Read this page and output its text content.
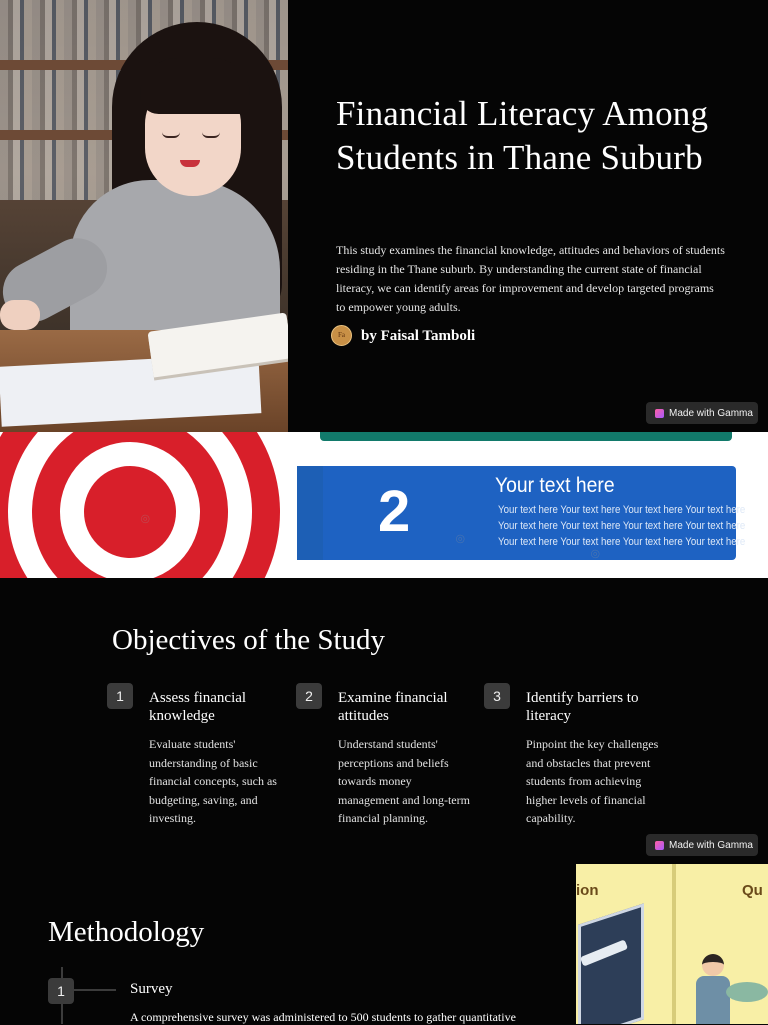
Financial Literacy Among Students in Thane Suburb

This study examines the financial knowledge, attitudes and behaviors of students residing in the Thane suburb. By understanding the current state of financial literacy, we can identify areas for improvement and develop targeted programs to empower young adults.

Fa	by Faisal Tamboli
Made with Gamma
2	Your text here
Your text here Your text here Your text here Your text here
Your text here Your text here Your text here Your text here
Your text here Your text here Your text here Your text here
◎
◎
◎
Objectives of the Study
1	Assess financial knowledge
Evaluate students' understanding of basic financial concepts, such as budgeting, saving, and investing.
2	Examine financial attitudes
Understand students' perceptions and beliefs towards money management and long-term financial planning.
3	Identify barriers to literacy
Pinpoint the key challenges and obstacles that prevent students from achieving higher levels of financial capability.
Made with Gamma
Methodology
1	Survey
A comprehensive survey was administered to 500 students to gather quantitative
ion	Qu
